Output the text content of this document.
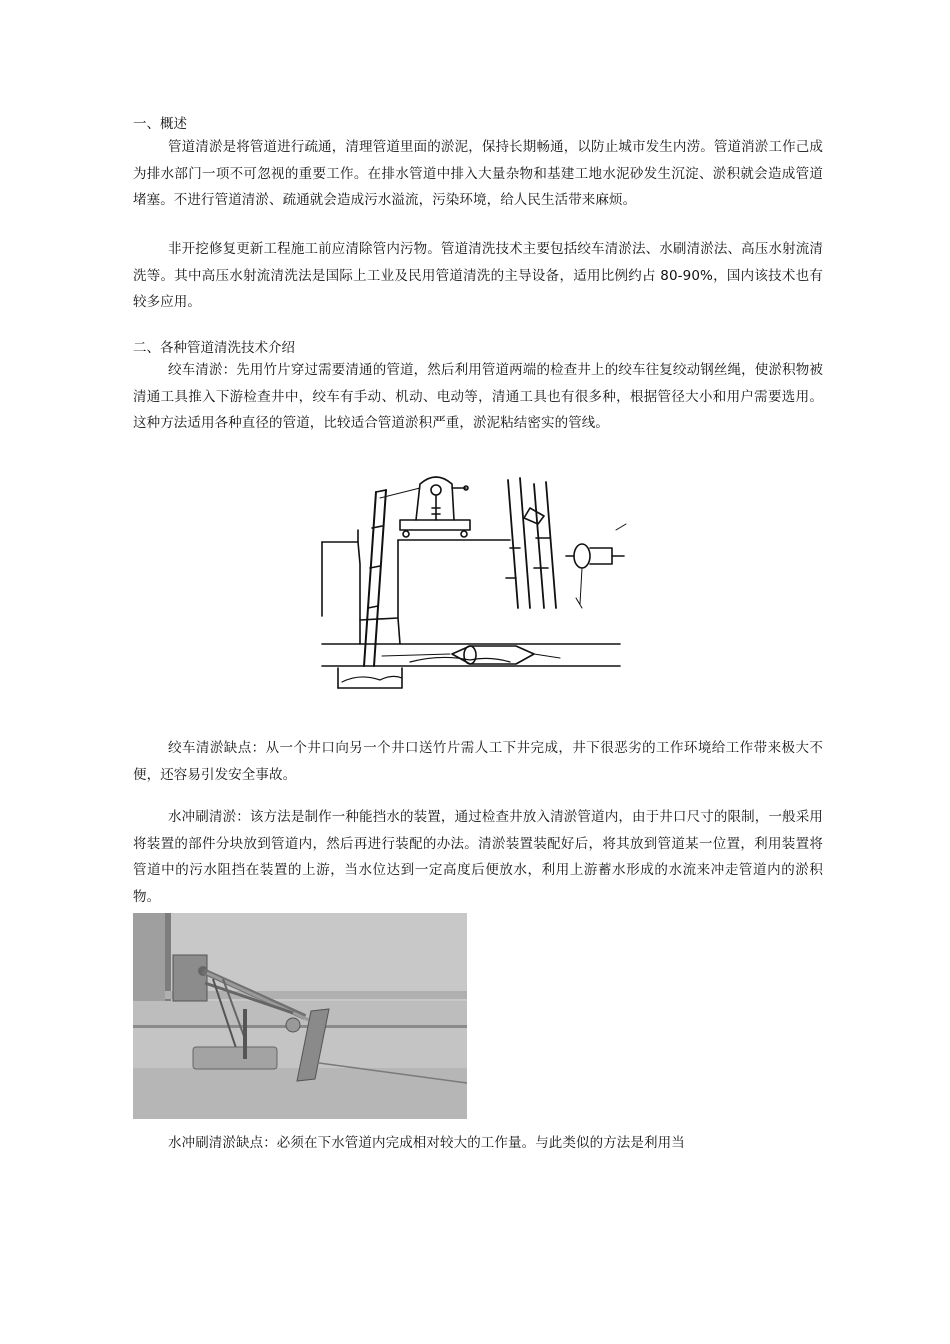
一、概述

管道清淤是将管道进行疏通，清理管道里面的淤泥，保持长期畅通，以防止城市发生内涝。管道消淤工作己成为排水部门一项不可忽视的重要工作。在排水管道中排入大量杂物和基建工地水泥砂发生沉淀、淤积就会造成管道堵塞。不进行管道清淤、疏通就会造成污水溢流，污染环境，给人民生活带来麻烦。

非开挖修复更新工程施工前应清除管内污物。管道清洗技术主要包括绞车清淤法、水刷清淤法、高压水射流清洗等。其中高压水射流清洗法是国际上工业及民用管道清洗的主导设备，适用比例约占 80-90%，国内该技术也有较多应用。

二、各种管道清洗技术介绍

绞车清淤：先用竹片穿过需要清通的管道，然后利用管道两端的检查井上的绞车往复绞动钢丝绳，使淤积物被清通工具推入下游检查井中，绞车有手动、机动、电动等，清通工具也有很多种，根据管径大小和用户需要选用。这种方法适用各种直径的管道，比较适合管道淤积严重，淤泥粘结密实的管线。

绞车清淤缺点：从一个井口向另一个井口送竹片需人工下井完成，井下很恶劣的工作环境给工作带来极大不便，还容易引发安全事故。

水冲刷清淤：该方法是制作一种能挡水的装置，通过检查井放入清淤管道内，由于井口尺寸的限制，一般采用将装置的部件分块放到管道内，然后再进行装配的办法。清淤装置装配好后，将其放到管道某一位置，利用装置将管道中的污水阻挡在装置的上游，当水位达到一定高度后便放水，利用上游蓄水形成的水流来冲走管道内的淤积物。

水冲刷清淤缺点：必须在下水管道内完成相对较大的工作量。与此类似的方法是利用当
